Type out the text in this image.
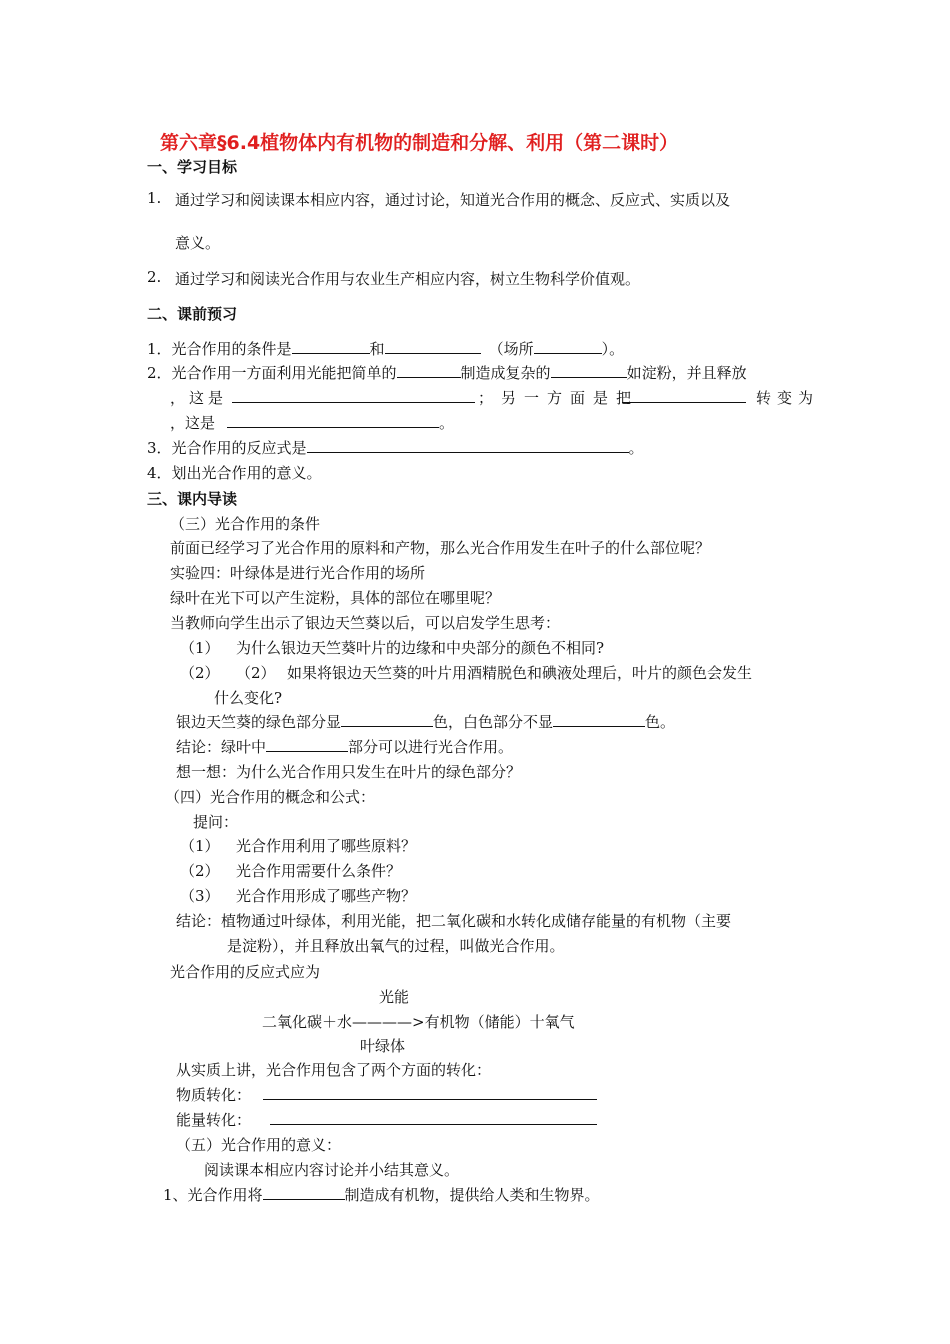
第六章§6.4植物体内有机物的制造和分解、利用（第二课时）
一、学习目标
1. 通过学习和阅读课本相应内容，通过讨论，知道光合作用的概念、反应式、实质以及
意义。
2. 通过学习和阅读光合作用与农业生产相应内容，树立生物科学价值观。
二、课前预习
1．光合作用的条件是	和	（场所	）。
2．光合作用一方面利用光能把简单的	制造成复杂的	如淀粉，并且释放
，这是	；另一方面是把	转变为
，这是	。
3．光合作用的反应式是	。
4．划出光合作用的意义。
三、课内导读
（三）光合作用的条件
前面已经学习了光合作用的原料和产物，那么光合作用发生在叶子的什么部位呢？
实验四：叶绿体是进行光合作用的场所
绿叶在光下可以产生淀粉，具体的部位在哪里呢？
当教师向学生出示了银边天竺葵以后，可以启发学生思考：
（1） 为什么银边天竺葵叶片的边缘和中央部分的颜色不相同?
（2） （2） 如果将银边天竺葵的叶片用酒精脱色和碘液处理后，叶片的颜色会发生
什么变化?
银边天竺葵的绿色部分显	色，白色部分不显	色。
结论：绿叶中	部分可以进行光合作用。
想一想：为什么光合作用只发生在叶片的绿色部分？
（四）光合作用的概念和公式：
提问：
（1） 光合作用利用了哪些原料？
（2） 光合作用需要什么条件？
（3） 光合作用形成了哪些产物？
结论：植物通过叶绿体，利用光能，把二氧化碳和水转化成储存能量的有机物（主要
是淀粉），并且释放出氧气的过程，叫做光合作用。
光合作用的反应式应为
光能
二氧化碳＋水————>有机物（储能）十氧气
叶绿体
从实质上讲，光合作用包含了两个方面的转化：
物质转化：
能量转化：
（五）光合作用的意义：
阅读课本相应内容讨论并小结其意义。
1、光合作用将	制造成有机物，提供给人类和生物界。
